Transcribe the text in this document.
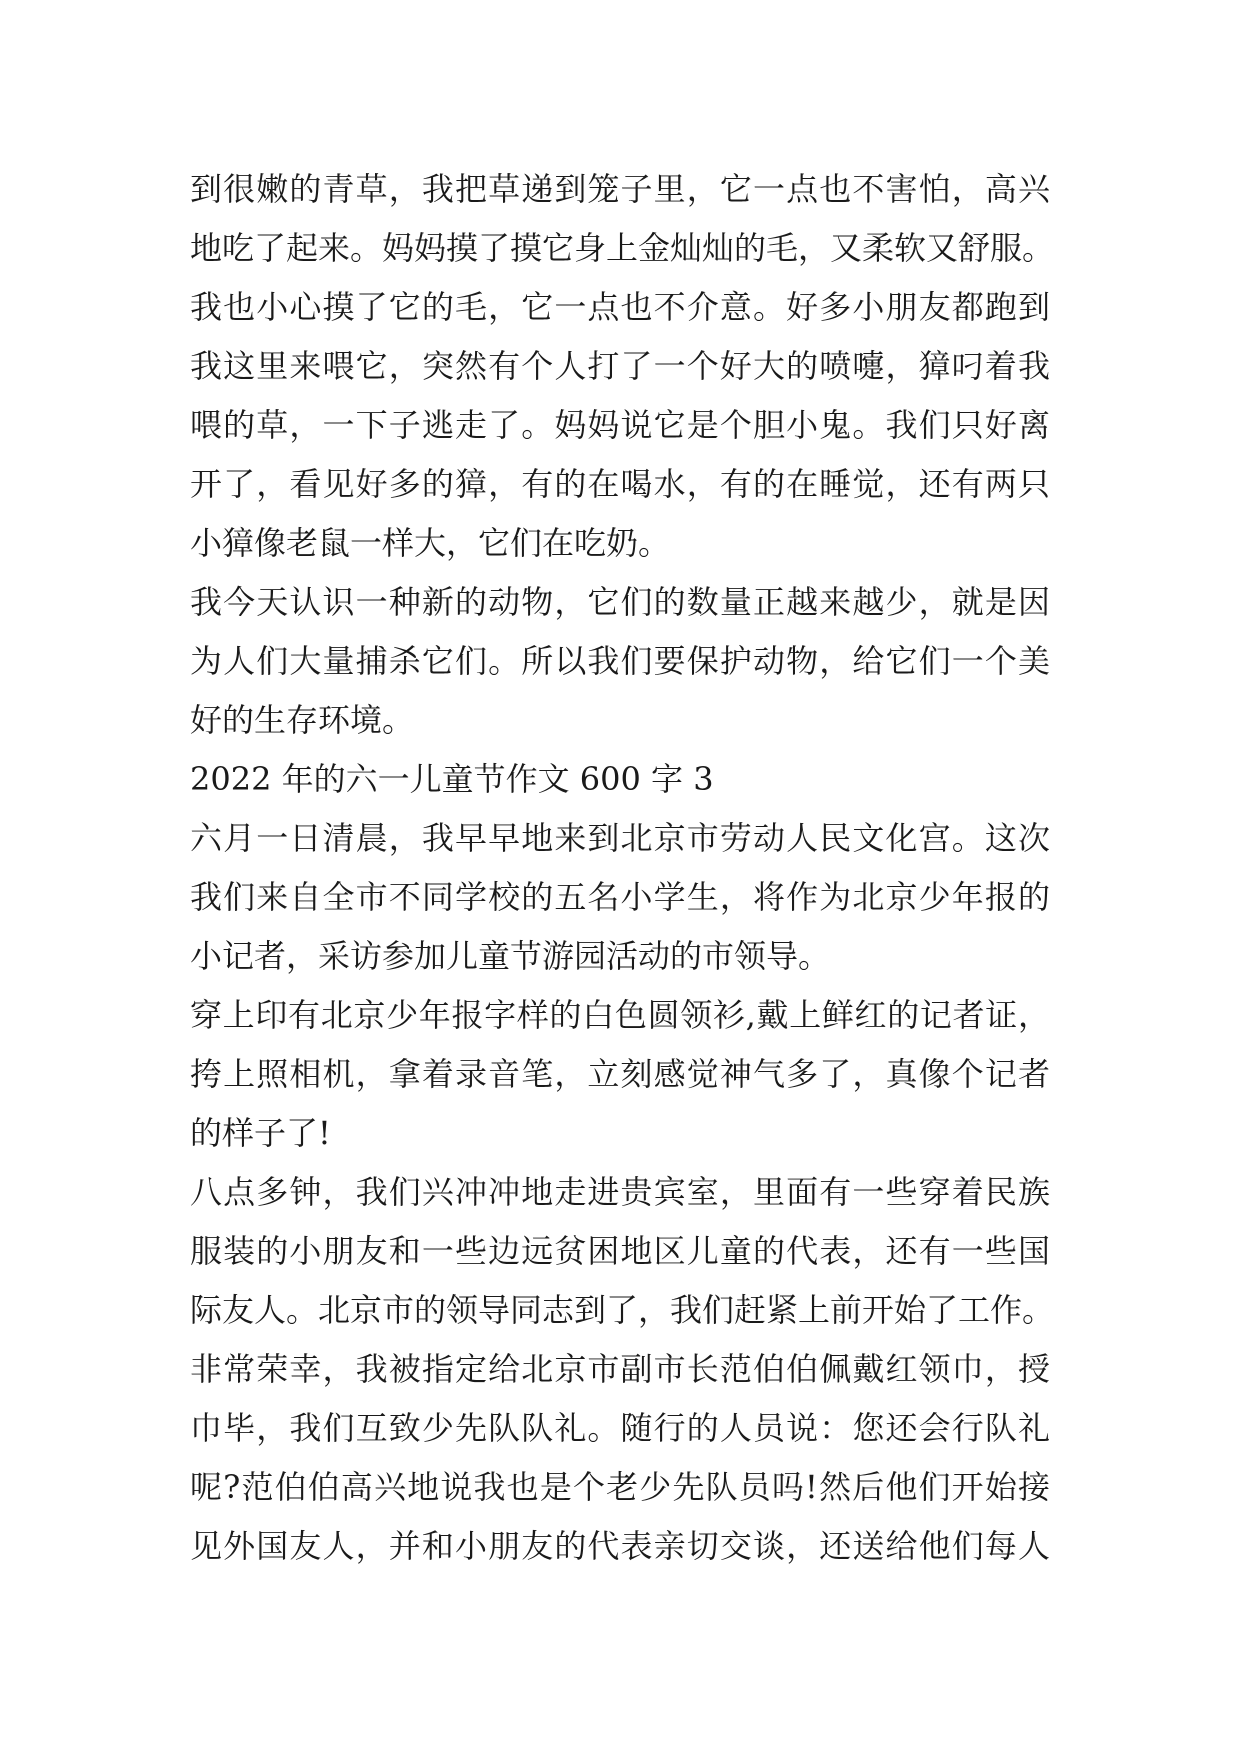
到很嫩的青草，我把草递到笼子里，它一点也不害怕，高兴
地吃了起来。妈妈摸了摸它身上金灿灿的毛，又柔软又舒服。
我也小心摸了它的毛，它一点也不介意。好多小朋友都跑到
我这里来喂它，突然有个人打了一个好大的喷嚏，獐叼着我
喂的草，一下子逃走了。妈妈说它是个胆小鬼。我们只好离
开了，看见好多的獐，有的在喝水，有的在睡觉，还有两只
小獐像老鼠一样大，它们在吃奶。
我今天认识一种新的动物，它们的数量正越来越少，就是因
为人们大量捕杀它们。所以我们要保护动物，给它们一个美
好的生存环境。
2022 年的六一儿童节作文 600 字 3
六月一日清晨，我早早地来到北京市劳动人民文化宫。这次
我们来自全市不同学校的五名小学生，将作为北京少年报的
小记者，采访参加儿童节游园活动的市领导。
穿上印有北京少年报字样的白色圆领衫,戴上鲜红的记者证，
挎上照相机，拿着录音笔，立刻感觉神气多了，真像个记者
的样子了!
八点多钟，我们兴冲冲地走进贵宾室，里面有一些穿着民族
服装的小朋友和一些边远贫困地区儿童的代表，还有一些国
际友人。北京市的领导同志到了，我们赶紧上前开始了工作。
非常荣幸，我被指定给北京市副市长范伯伯佩戴红领巾，授
巾毕，我们互致少先队队礼。随行的人员说：您还会行队礼
呢?范伯伯高兴地说我也是个老少先队员吗!然后他们开始接
见外国友人，并和小朋友的代表亲切交谈，还送给他们每人
